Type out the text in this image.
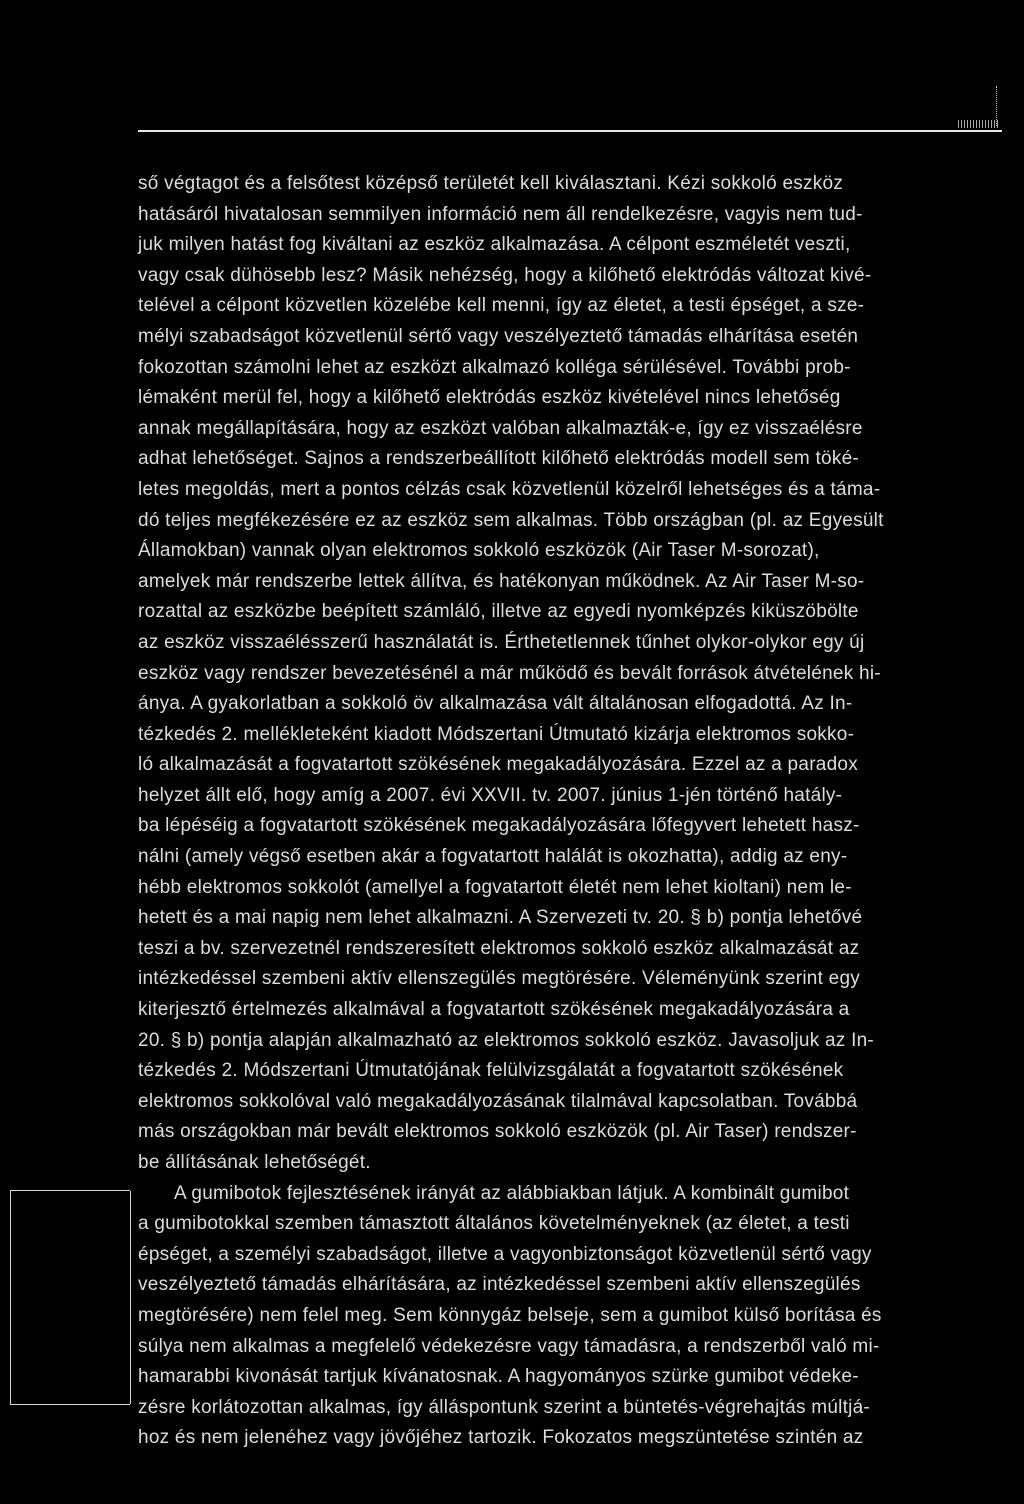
ső végtagot és a felsőtest középső területét kell kiválasztani. Kézi sokkoló eszköz
hatásáról hivatalosan semmilyen információ nem áll rendelkezésre, vagyis nem tud-
juk milyen hatást fog kiváltani az eszköz alkalmazása. A célpont eszméletét veszti,
vagy csak dühösebb lesz? Másik nehézség, hogy a kilőhető elektródás változat kivé-
telével a célpont közvetlen közelébe kell menni, így az életet, a testi épséget, a sze-
mélyi szabadságot közvetlenül sértő vagy veszélyeztető támadás elhárítása esetén
fokozottan számolni lehet az eszközt alkalmazó kolléga sérülésével. További prob-
lémaként merül fel, hogy a kilőhető elektródás eszköz kivételével nincs lehetőség
annak megállapítására, hogy az eszközt valóban alkalmazták-e, így ez visszaélésre
adhat lehetőséget. Sajnos a rendszerbeállított kilőhető elektródás modell sem töké-
letes megoldás, mert a pontos célzás csak közvetlenül közelről lehetséges és a táma-
dó teljes megfékezésére ez az eszköz sem alkalmas. Több országban (pl. az Egyesült
Államokban) vannak olyan elektromos sokkoló eszközök (Air Taser M-sorozat),
amelyek már rendszerbe lettek állítva, és hatékonyan működnek. Az Air Taser M-so-
rozattal az eszközbe beépített számláló, illetve az egyedi nyomképzés kiküszöbölte
az eszköz visszaélésszerű használatát is. Érthetetlennek tűnhet olykor-olykor egy új
eszköz vagy rendszer bevezetésénél a már működő és bevált források átvételének hi-
ánya. A gyakorlatban a sokkoló öv alkalmazása vált általánosan elfogadottá. Az In-
tézkedés 2. mellékleteként kiadott Módszertani Útmutató kizárja elektromos sokko-
ló alkalmazását a fogvatartott szökésének megakadályozására. Ezzel az a paradox
helyzet állt elő, hogy amíg a 2007. évi XXVII. tv. 2007. június 1-jén történő hatály-
ba lépéséig a fogvatartott szökésének megakadályozására lőfegyvert lehetett hasz-
nálni (amely végső esetben akár a fogvatartott halálát is okozhatta), addig az eny-
hébb elektromos sokkolót (amellyel a fogvatartott életét nem lehet kioltani) nem le-
hetett és a mai napig nem lehet alkalmazni. A Szervezeti tv. 20. § b) pontja lehetővé
teszi a bv. szervezetnél rendszeresített elektromos sokkoló eszköz alkalmazását az
intézkedéssel szembeni aktív ellenszegülés megtörésére. Véleményünk szerint egy
kiterjesztő értelmezés alkalmával a fogvatartott szökésének megakadályozására a
20. § b) pontja alapján alkalmazható az elektromos sokkoló eszköz. Javasoljuk az In-
tézkedés 2. Módszertani Útmutatójának felülvizsgálatát a fogvatartott szökésének
elektromos sokkolóval való megakadályozásának tilalmával kapcsolatban. Továbbá
más országokban már bevált elektromos sokkoló eszközök (pl. Air Taser) rendszer-
be állításának lehetőségét.
A gumibotok fejlesztésének irányát az alábbiakban látjuk. A kombinált gumibot
a gumibotokkal szemben támasztott általános követelményeknek (az életet, a testi
épséget, a személyi szabadságot, illetve a vagyonbiztonságot közvetlenül sértő vagy
veszélyeztető támadás elhárítására, az intézkedéssel szembeni aktív ellenszegülés
megtörésére) nem felel meg. Sem könnygáz belseje, sem a gumibot külső borítása és
súlya nem alkalmas a megfelelő védekezésre vagy támadásra, a rendszerből való mi-
hamarabbi kivonását tartjuk kívánatosnak. A hagyományos szürke gumibot védeke-
zésre korlátozottan alkalmas, így álláspontunk szerint a büntetés-végrehajtás múltjá-
hoz és nem jelenéhez vagy jövőjéhez tartozik. Fokozatos megszüntetése szintén az
